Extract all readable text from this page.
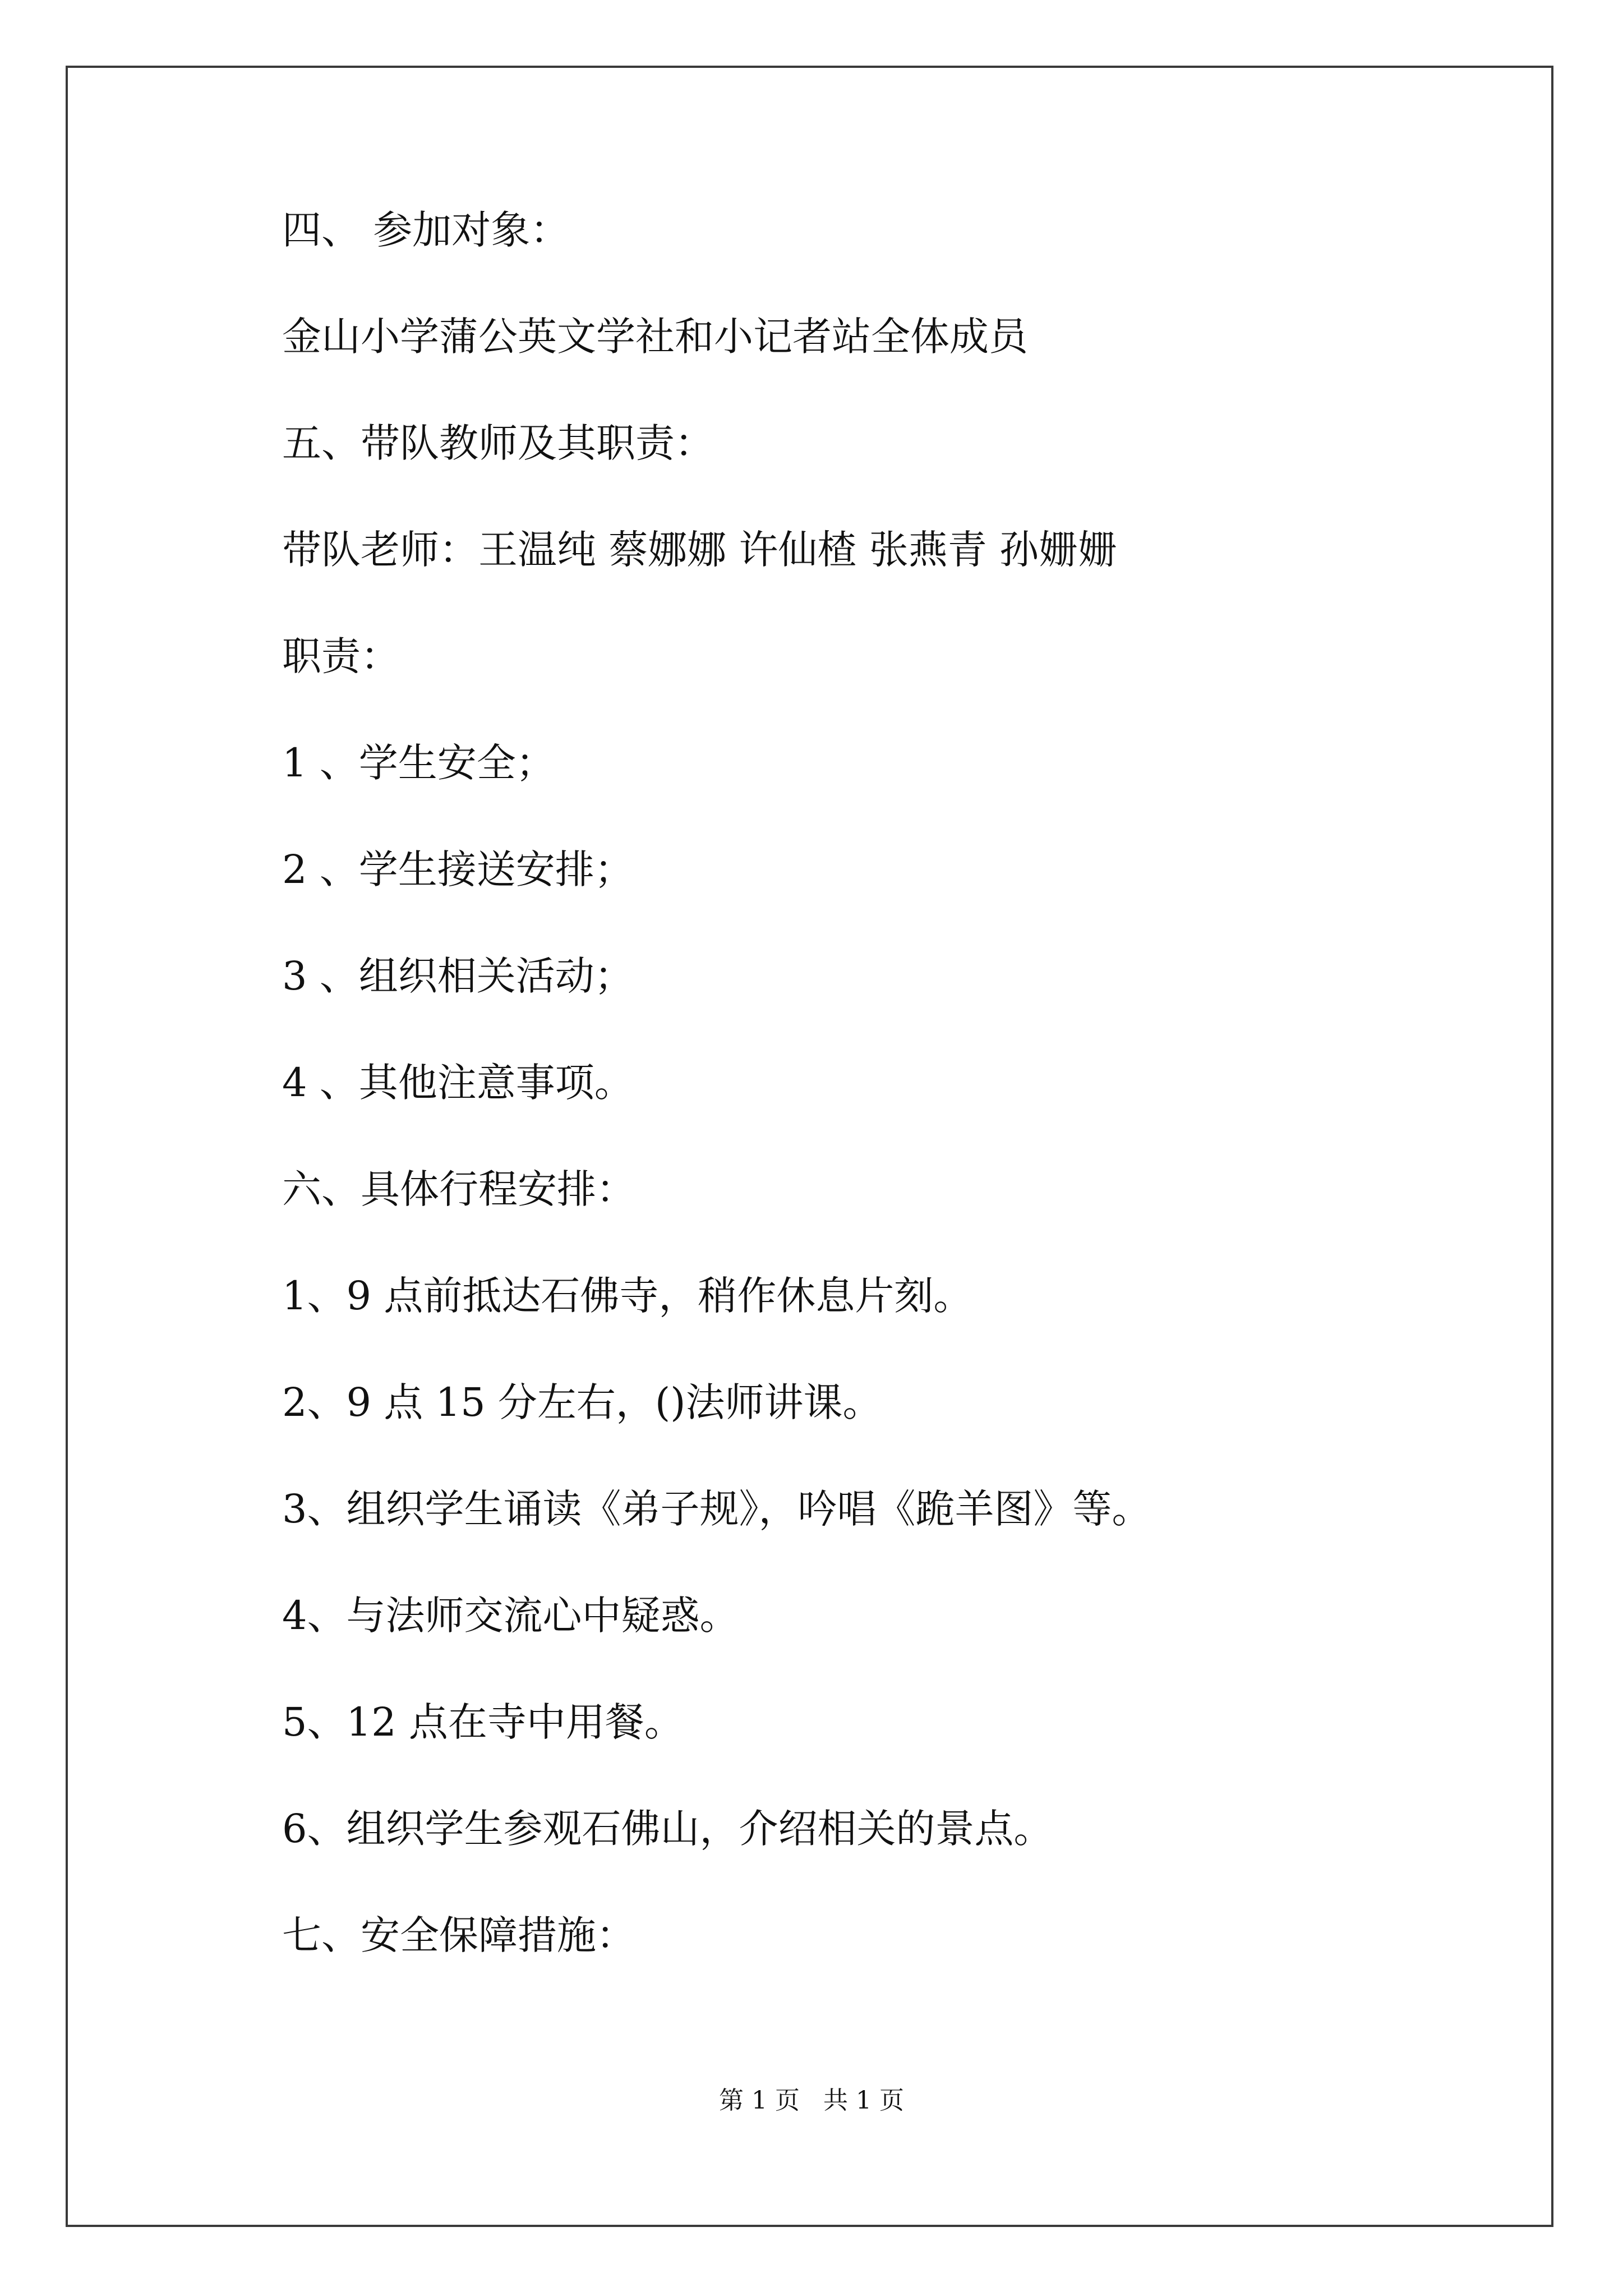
四、 参加对象：

金山小学蒲公英文学社和小记者站全体成员

五、带队教师及其职责：

带队老师：王温纯 蔡娜娜 许仙楂 张燕青 孙姗姗

职责：

1 、学生安全；

2 、学生接送安排；

3 、组织相关活动；

4 、其他注意事项。

六、具体行程安排：

1、9 点前抵达石佛寺，稍作休息片刻。

2、9 点 15 分左右，()法师讲课。

3、组织学生诵读《弟子规》，吟唱《跪羊图》等。

4、与法师交流心中疑惑。

5、12 点在寺中用餐。

6、组织学生参观石佛山，介绍相关的景点。

七、安全保障措施：

第 1 页   共 1 页
